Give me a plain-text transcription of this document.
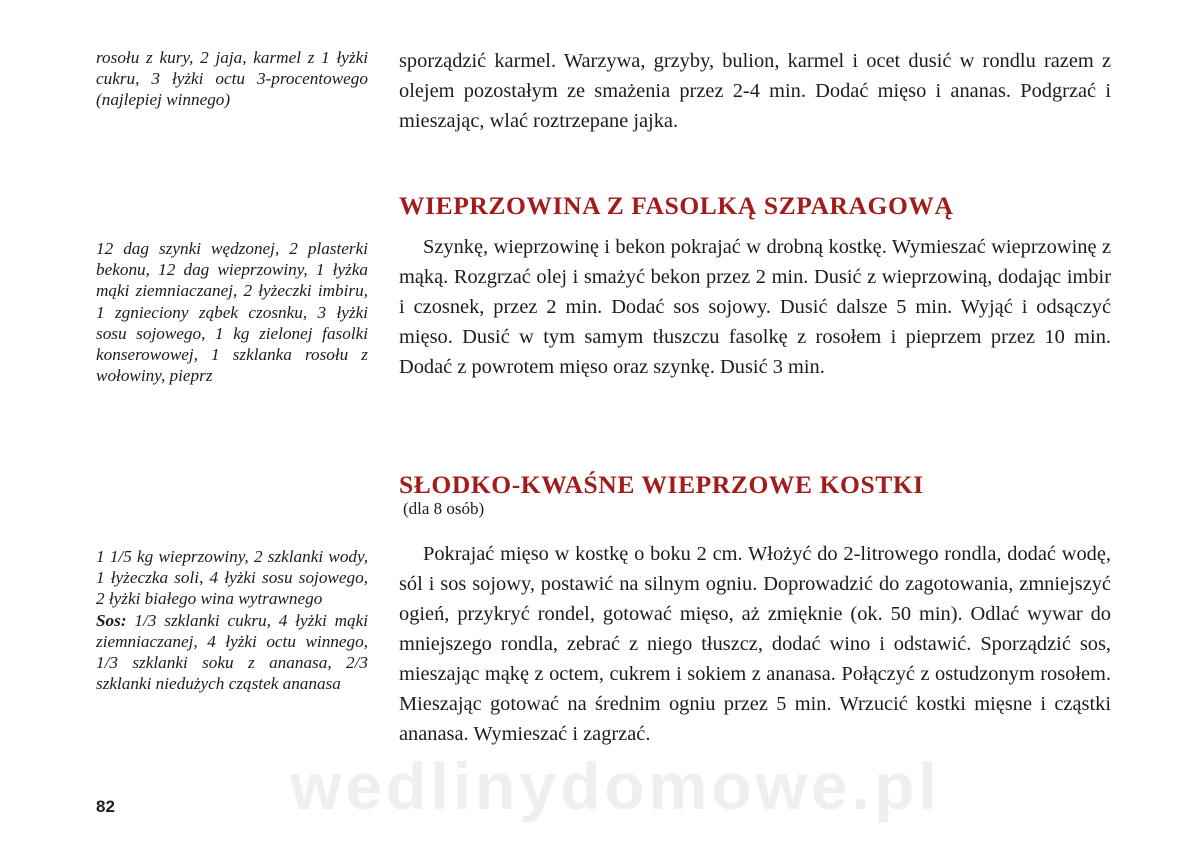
rosołu z kury, 2 jaja, karmel z 1 łyżki cukru, 3 łyżki octu 3-procentowego (najlepiej winnego)
sporządzić karmel. Warzywa, grzyby, bulion, karmel i ocet dusić w rondlu razem z olejem pozostałym ze smażenia przez 2-4 min. Dodać mięso i ananas. Podgrzać i mieszając, wlać roztrzepane jajka.
WIEPRZOWINA Z FASOLKĄ SZPARAGOWĄ
12 dag szynki wędzonej, 2 plasterki bekonu, 12 dag wieprzowiny, 1 łyżka mąki ziemniaczanej, 2 łyżeczki imbiru, 1 zgnieciony ząbek czosnku, 3 łyżki sosu sojowego, 1 kg zielonej fasolki konserowowej, 1 szklanka rosołu z wołowiny, pieprz
Szynkę, wieprzowinę i bekon pokrajać w drobną kostkę. Wymieszać wieprzowinę z mąką. Rozgrzać olej i smażyć bekon przez 2 min. Dusić z wieprzowiną, dodając imbir i czosnek, przez 2 min. Dodać sos sojowy. Dusić dalsze 5 min. Wyjąć i odsączyć mięso. Dusić w tym samym tłuszczu fasolkę z rosołem i pieprzem przez 10 min. Dodać z powrotem mięso oraz szynkę. Dusić 3 min.
SŁODKO-KWAŚNE WIEPRZOWE KOSTKI
(dla 8 osób)
1 1/5 kg wieprzowiny, 2 szklanki wody, 1 łyżeczka soli, 4 łyżki sosu sojowego, 2 łyżki białego wina wytrawnego
Sos: 1/3 szklanki cukru, 4 łyżki mąki ziemniaczanej, 4 łyżki octu winnego, 1/3 szklanki soku z ananasa, 2/3 szklanki niedużych cząstek ananasa
Pokrajać mięso w kostkę o boku 2 cm. Włożyć do 2-litrowego rondla, dodać wodę, sól i sos sojowy, postawić na silnym ogniu. Doprowadzić do zagotowania, zmniejszyć ogień, przykryć rondel, gotować mięso, aż zmięknie (ok. 50 min). Odlać wywar do mniejszego rondla, zebrać z niego tłuszcz, dodać wino i odstawić. Sporządzić sos, mieszając mąkę z octem, cukrem i sokiem z ananasa. Połączyć z ostudzonym rosołem. Mieszając gotować na średnim ogniu przez 5 min. Wrzucić kostki mięsne i cząstki ananasa. Wymieszać i zagrzać.
wedlinydomowe.pl
82
